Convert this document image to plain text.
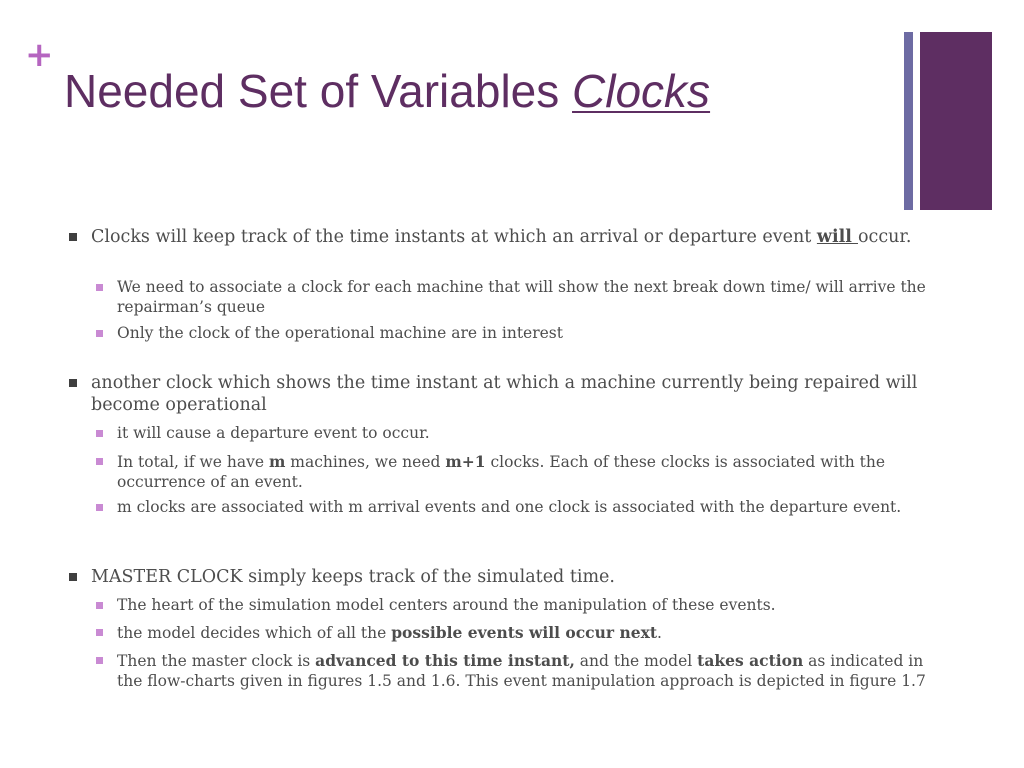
+
Needed Set of Variables Clocks
Clocks will keep track of the time instants at which an arrival or departure event will occur.
We need to associate a clock for each machine that will show the next break down time/ will arrive the repairman’s queue
Only the clock of the operational machine are in interest
another clock which shows the time instant at which a machine currently being repaired will become operational
it will cause a departure event to occur.
In total, if we have m machines, we need m+1 clocks. Each of these clocks is associated with the occurrence of an event.
m clocks are associated with m arrival events and one clock is associated with the departure event.
MASTER CLOCK simply keeps track of the simulated time.
The heart of the simulation model centers around the manipulation of these events.
the model decides which of all the possible events will occur next.
Then the master clock is advanced to this time instant, and the model takes action as indicated in the flow-charts given in figures 1.5 and 1.6. This event manipulation approach is depicted in figure 1.7
